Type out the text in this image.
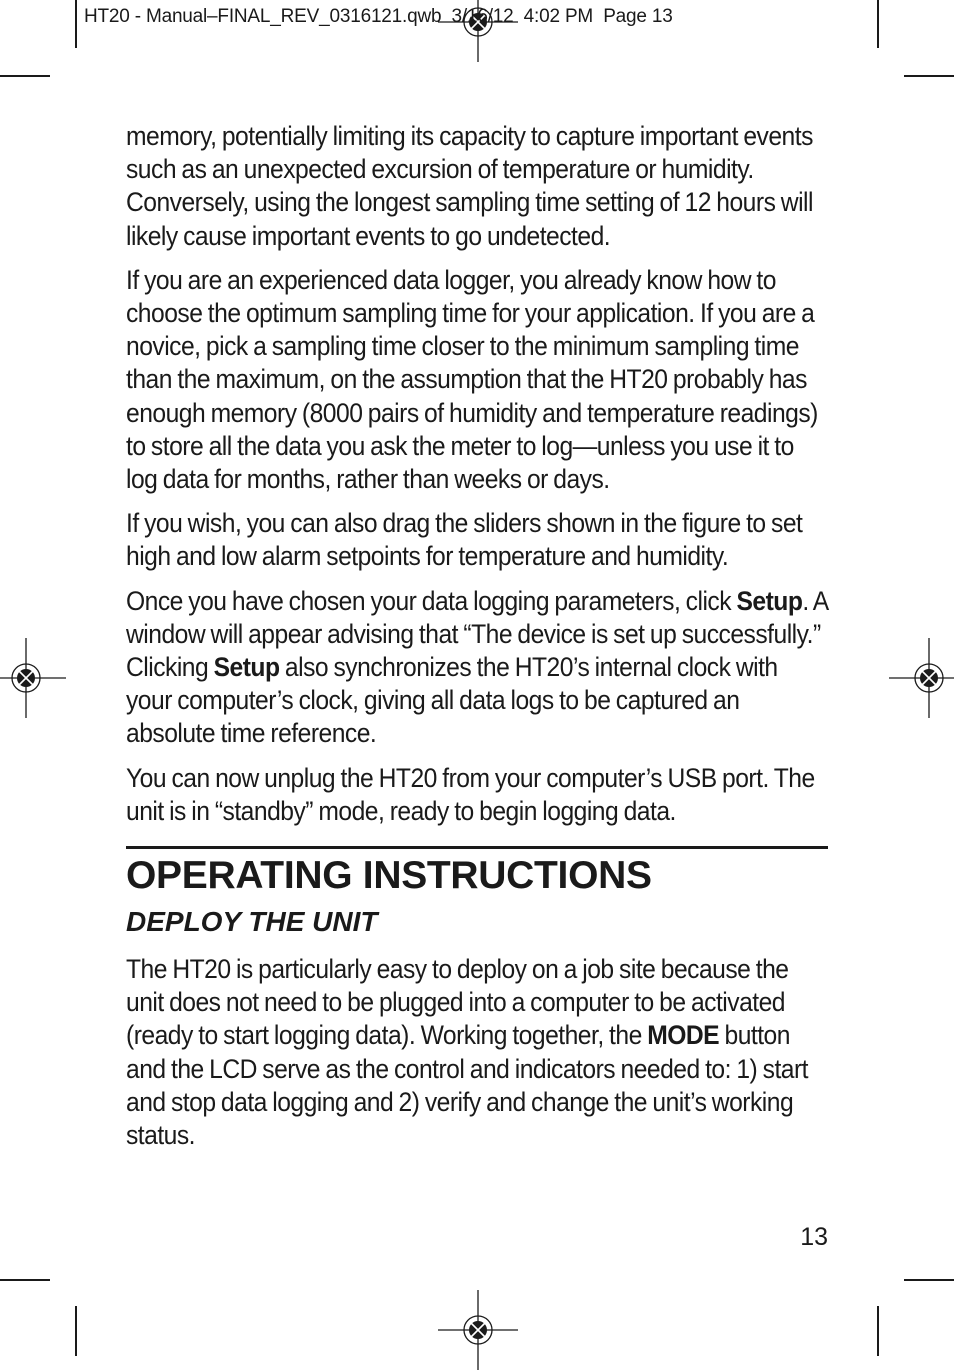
HT20 - Manual–FINAL_REV_0316121.qwb  3/16/12  4:02 PM  Page 13

memory, potentially limiting its capacity to capture important events such as an unexpected excursion of temperature or humidity. Conversely, using the longest sampling time setting of 12 hours will likely cause important events to go undetected.

If you are an experienced data logger, you already know how to choose the optimum sampling time for your application. If you are a novice, pick a sampling time closer to the minimum sampling time than the maximum, on the assumption that the HT20 probably has enough memory (8000 pairs of humidity and temperature readings) to store all the data you ask the meter to log—unless you use it to log data for months, rather than weeks or days.

If you wish, you can also drag the sliders shown in the figure to set high and low alarm setpoints for temperature and humidity.

Once you have chosen your data logging parameters, click Setup. A window will appear advising that “The device is set up successfully.” Clicking Setup also synchronizes the HT20’s internal clock with your computer’s clock, giving all data logs to be captured an absolute time reference.

You can now unplug the HT20 from your computer’s USB port. The unit is in “standby” mode, ready to begin logging data.

OPERATING INSTRUCTIONS
DEPLOY THE UNIT

The HT20 is particularly easy to deploy on a job site because the unit does not need to be plugged into a computer to be activated (ready to start logging data). Working together, the MODE button and the LCD serve as the control and indicators needed to: 1) start and stop data logging and 2) verify and change the unit’s working status.

13
